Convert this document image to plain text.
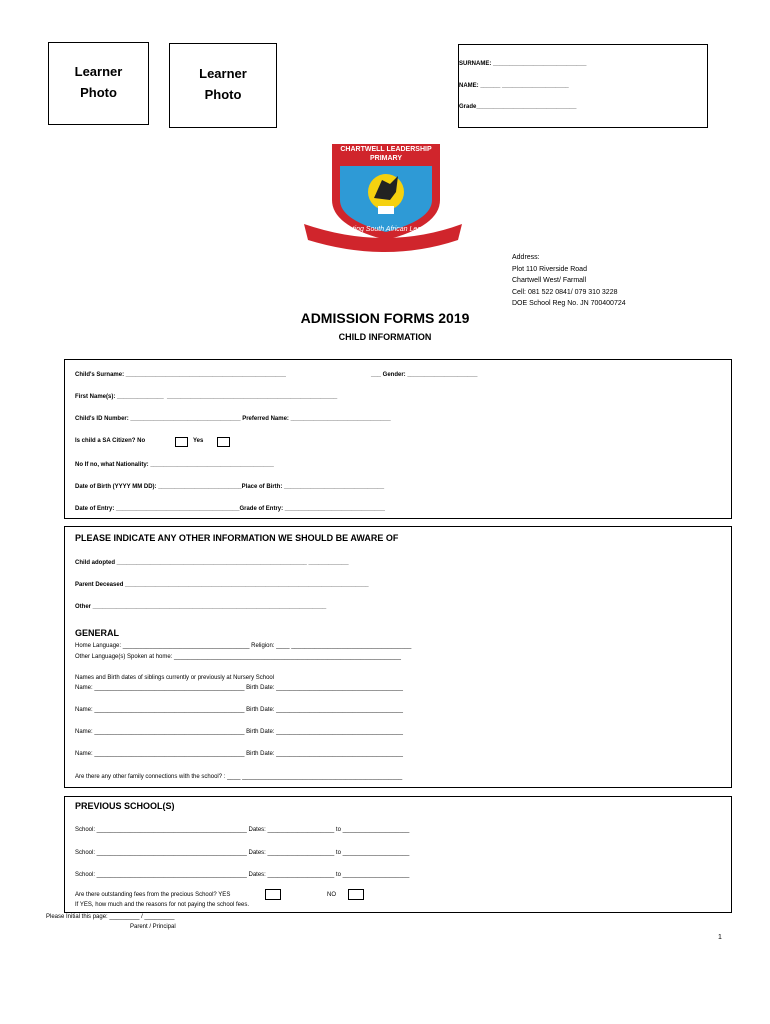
Learner
Photo
Learner
Photo
SURNAME: ____________________________
NAME: ______ ____________________
Grade______________________________
CHARTWELL LEADERSHIP
PRIMARY
Cultivating South African Leaders
Address:
Plot 110 Riverside Road
Chartwell West/ Farmall
Cell: 081 522 0841/ 079 310 3228
DOE School Reg No. JN 700400724
ADMISSION FORMS 2019
CHILD INFORMATION
Child's Surname: ________________________________________________	___ Gender: _____________________
First Name(s): ______________  ___________________________________________________
Child's ID Number: _________________________________ Preferred Name: ______________________________
Is child a SA Citizen? No	Yes
No If no, what Nationality: _____________________________________
Date of Birth (YYYY MM DD): _________________________Place of Birth: ______________________________
Date of Entry: _____________________________________Grade of Entry: ______________________________
PLEASE INDICATE ANY OTHER INFORMATION WE SHOULD BE AWARE OF
Child adopted _________________________________________________________ ____________
Parent Deceased _________________________________________________________________________
Other ______________________________________________________________________
GENERAL
Home Language: ______________________________________ Religion: ____ ____________________________________
Other Language(s) Spoken at home: ____________________________________________________________________
Names and Birth dates of siblings currently or previously at Nursery School
Name: _____________________________________________ Birth Date: ______________________________________
Name: _____________________________________________ Birth Date: ______________________________________
Name: _____________________________________________ Birth Date: ______________________________________
Name: _____________________________________________ Birth Date: ______________________________________
Are there any other family connections with the school? : ____ ________________________________________________
PREVIOUS SCHOOL(S)
School: _____________________________________________ Dates: ____________________ to ____________________
School: _____________________________________________ Dates: ____________________ to ____________________
School: _____________________________________________ Dates: ____________________ to ____________________
Are there outstanding fees from the precious School? YES	NO
If YES, how much and the reasons for not paying the school fees.
Please Initial this page: _________ / _________
Parent / Principal
1
